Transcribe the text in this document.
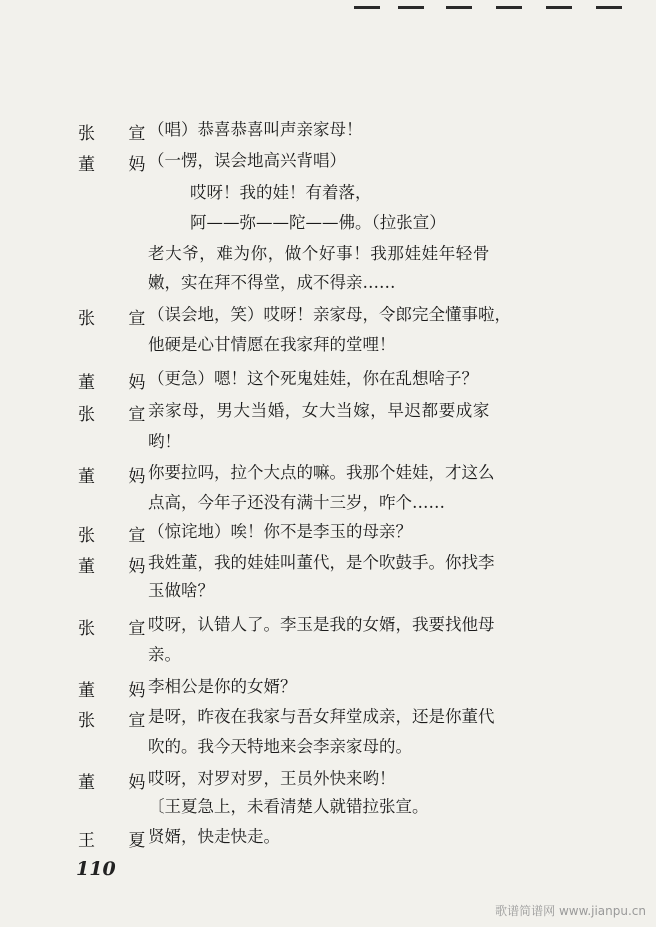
张 宣
（唱）恭喜恭喜叫声亲家母！
董 妈
（一愣，误会地高兴背唱）
哎呀！我的娃！有着落，
阿——弥——陀——佛。（拉张宣）
老大爷，难为你，做个好事！我那娃娃年轻骨
嫩，实在拜不得堂，成不得亲……
张 宣
（误会地，笑）哎呀！亲家母，令郎完全懂事啦，
他硬是心甘情愿在我家拜的堂哩！
董 妈
（更急）嗯！这个死鬼娃娃，你在乱想啥子？
张 宣
亲家母，男大当婚，女大当嫁，早迟都要成家
哟！
董 妈
你要拉吗，拉个大点的嘛。我那个娃娃，才这么
点高，今年子还没有满十三岁，咋个……
张 宣
（惊诧地）唉！你不是李玉的母亲？
董 妈
我姓董，我的娃娃叫董代，是个吹鼓手。你找李
玉做啥？
张 宣
哎呀，认错人了。李玉是我的女婿，我要找他母
亲。
董 妈
李相公是你的女婿？
张 宣
是呀，昨夜在我家与吾女拜堂成亲，还是你董代
吹的。我今天特地来会李亲家母的。
董 妈
哎呀，对罗对罗，王员外快来哟！
〔王夏急上，未看清楚人就错拉张宣。
王 夏
贤婿，快走快走。
110
歌谱简谱网 www.jianpu.cn
